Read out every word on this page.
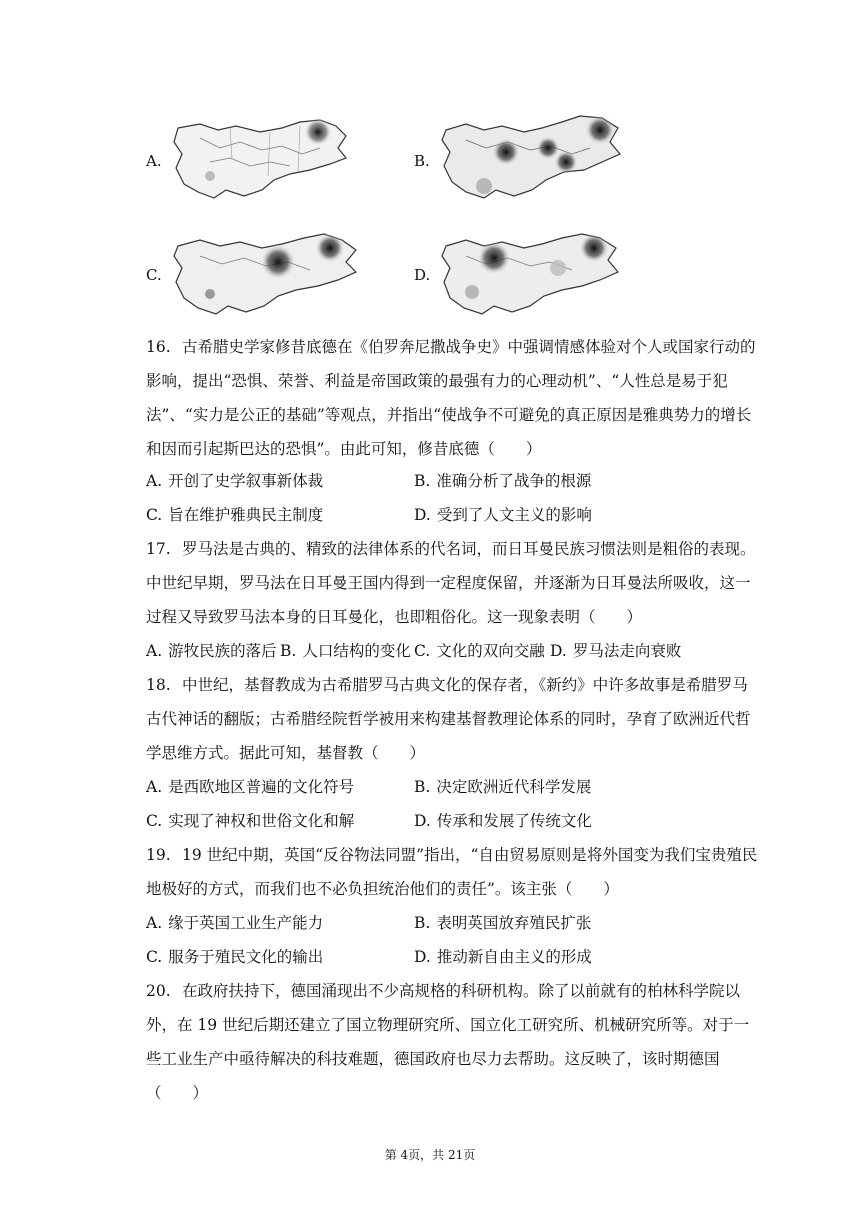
A.	B.
C.	D.
16. 古希腊史学家修昔底德在《伯罗奔尼撒战争史》中强调情感体验对个人或国家行动的影响，提出“恐惧、荣誉、利益是帝国政策的最强有力的心理动机”、“人性总是易于犯法”、“实力是公正的基础”等观点，并指出“使战争不可避免的真正原因是雅典势力的增长和因而引起斯巴达的恐惧”。由此可知，修昔底德（　　）
A. 开创了史学叙事新体裁	B. 准确分析了战争的根源
C. 旨在维护雅典民主制度	D. 受到了人文主义的影响
17. 罗马法是古典的、精致的法律体系的代名词，而日耳曼民族习惯法则是粗俗的表现。中世纪早期，罗马法在日耳曼王国内得到一定程度保留，并逐渐为日耳曼法所吸收，这一过程又导致罗马法本身的日耳曼化，也即粗俗化。这一现象表明（　　）
A. 游牧民族的落后 B. 人口结构的变化 C. 文化的双向交融 D. 罗马法走向衰败
18. 中世纪，基督教成为古希腊罗马古典文化的保存者，《新约》中许多故事是希腊罗马古代神话的翻版；古希腊经院哲学被用来构建基督教理论体系的同时，孕育了欧洲近代哲学思维方式。据此可知，基督教（　　）
A. 是西欧地区普遍的文化符号	B. 决定欧洲近代科学发展
C. 实现了神权和世俗文化和解	D. 传承和发展了传统文化
19. 19 世纪中期，英国“反谷物法同盟”指出，“自由贸易原则是将外国变为我们宝贵殖民地极好的方式，而我们也不必负担统治他们的责任”。该主张（　　）
A. 缘于英国工业生产能力	B. 表明英国放弃殖民扩张
C. 服务于殖民文化的输出	D. 推动新自由主义的形成
20. 在政府扶持下，德国涌现出不少高规格的科研机构。除了以前就有的柏林科学院以外，在 19 世纪后期还建立了国立物理研究所、国立化工研究所、机械研究所等。对于一些工业生产中亟待解决的科技难题，德国政府也尽力去帮助。这反映了，该时期德国（　　）
第 4页，共 21页
